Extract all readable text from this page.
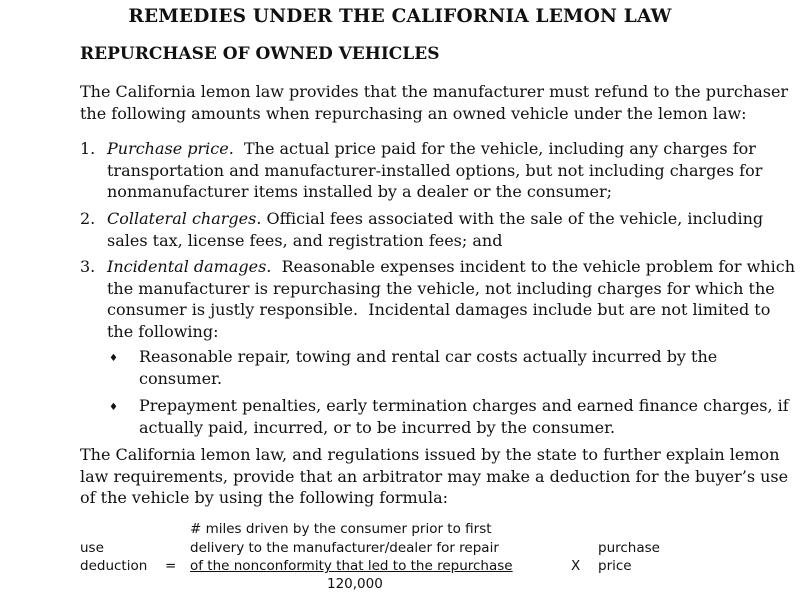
REMEDIES UNDER THE CALIFORNIA LEMON LAW
REPURCHASE OF OWNED VEHICLES
The California lemon law provides that the manufacturer must refund to the purchaser the following amounts when repurchasing an owned vehicle under the lemon law:
1. Purchase price.  The actual price paid for the vehicle, including any charges for transportation and manufacturer-installed options, but not including charges for nonmanufacturer items installed by a dealer or the consumer;
2. Collateral charges. Official fees associated with the sale of the vehicle, including sales tax, license fees, and registration fees; and
3. Incidental damages.  Reasonable expenses incident to the vehicle problem for which the manufacturer is repurchasing the vehicle, not including charges for which the consumer is justly responsible.  Incidental damages include but are not limited to the following:
♦ Reasonable repair, towing and rental car costs actually incurred by the consumer.
♦ Prepayment penalties, early termination charges and earned finance charges, if actually paid, incurred, or to be incurred by the consumer.
The California lemon law, and regulations issued by the state to further explain lemon law requirements, provide that an arbitrator may make a deduction for the buyer’s use of the vehicle by using the following formula:
# miles driven by the consumer prior to first
use	delivery to the manufacturer/dealer for repair	purchase
deduction = of the nonconformity that led to the repurchase	X price
120,000
